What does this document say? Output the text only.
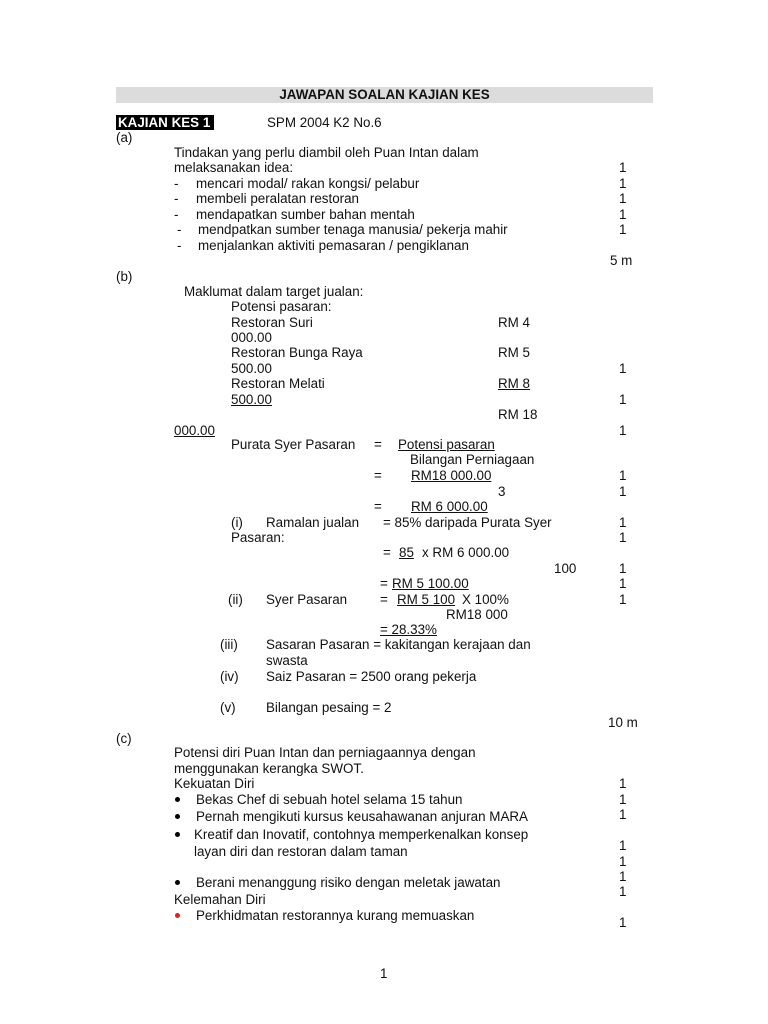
JAWAPAN SOALAN KAJIAN KES
KAJIAN KES 1	SPM 2004 K2 No.6
(a)
Tindakan yang perlu diambil oleh Puan Intan dalam
melaksanakan idea:	1
- mencari modal/ rakan kongsi/ pelabur	1
- membeli peralatan restoran	1
- mendapatkan sumber bahan mentah	1
- mendpatkan sumber tenaga manusia/ pekerja mahir	1
- menjalankan aktiviti pemasaran / pengiklanan
5 m
(b)
Maklumat dalam target jualan:
Potensi pasaran:
Restoran Suri	RM 4
000.00
Restoran Bunga Raya	RM 5
500.00	1
Restoran Melati	RM 8
500.00	1
RM 18
000.00	1
Purata Syer Pasaran = Potensi pasaran
Bilangan Perniagaan
= RM18 000.00	1
3	1
= RM 6 000.00
(i) Ramalan jualan = 85% daripada Purata Syer	1
Pasaran:	1
= 85 x RM 6 000.00
100	1
= RM 5 100.00	1
(ii) Syer Pasaran = RM 5 100 X 100%	1
RM18 000
= 28.33%
(iii) Sasaran Pasaran = kakitangan kerajaan dan
swasta
(iv) Saiz Pasaran = 2500 orang pekerja
(v) Bilangan pesaing = 2
10 m
(c)
Potensi diri Puan Intan dan perniagaannya dengan
menggunakan kerangka SWOT.
Kekuatan Diri	1
Bekas Chef di sebuah hotel selama 15 tahun	1
Pernah mengikuti kursus keusahawanan anjuran MARA	1
Kreatif dan Inovatif, contohnya memperkenalkan konsep
layan diri dan restoran dalam taman	1
1
1
Berani menanggung risiko dengan meletak jawatan
1
Kelemahan Diri
Perkhidmatan restorannya kurang memuaskan	1
1
